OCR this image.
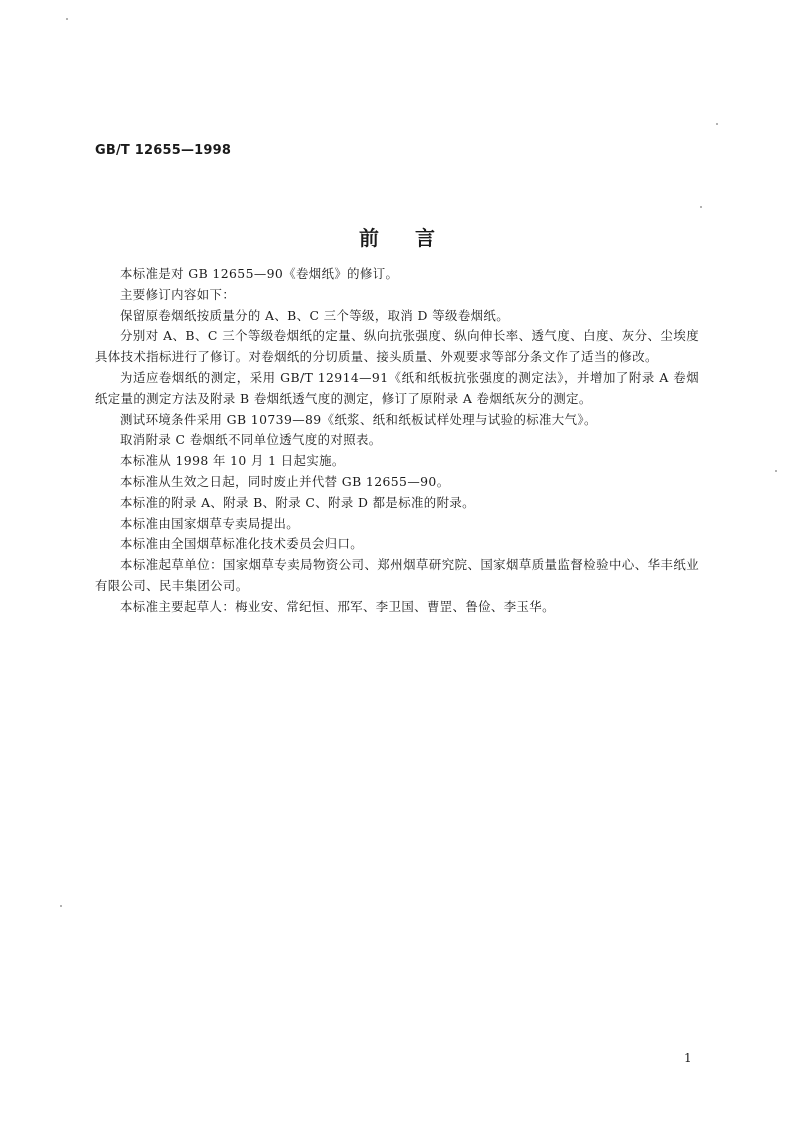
GB/T 12655—1998
前言

本标准是对 GB 12655—90《卷烟纸》的修订。

主要修订内容如下：

保留原卷烟纸按质量分的 A、B、C 三个等级，取消 D 等级卷烟纸。

分别对 A、B、C 三个等级卷烟纸的定量、纵向抗张强度、纵向伸长率、透气度、白度、灰分、尘埃度具体技术指标进行了修订。对卷烟纸的分切质量、接头质量、外观要求等部分条文作了适当的修改。

为适应卷烟纸的测定，采用 GB/T 12914—91《纸和纸板抗张强度的测定法》，并增加了附录 A 卷烟纸定量的测定方法及附录 B 卷烟纸透气度的测定，修订了原附录 A 卷烟纸灰分的测定。

测试环境条件采用 GB 10739—89《纸浆、纸和纸板试样处理与试验的标准大气》。

取消附录 C 卷烟纸不同单位透气度的对照表。

本标准从 1998 年 10 月 1 日起实施。

本标准从生效之日起，同时废止并代替 GB 12655—90。

本标准的附录 A、附录 B、附录 C、附录 D 都是标准的附录。

本标准由国家烟草专卖局提出。

本标准由全国烟草标准化技术委员会归口。

本标准起草单位：国家烟草专卖局物资公司、郑州烟草研究院、国家烟草质量监督检验中心、华丰纸业有限公司、民丰集团公司。

本标准主要起草人：梅业安、常纪恒、邢军、李卫国、曹罡、鲁俭、李玉华。

1
